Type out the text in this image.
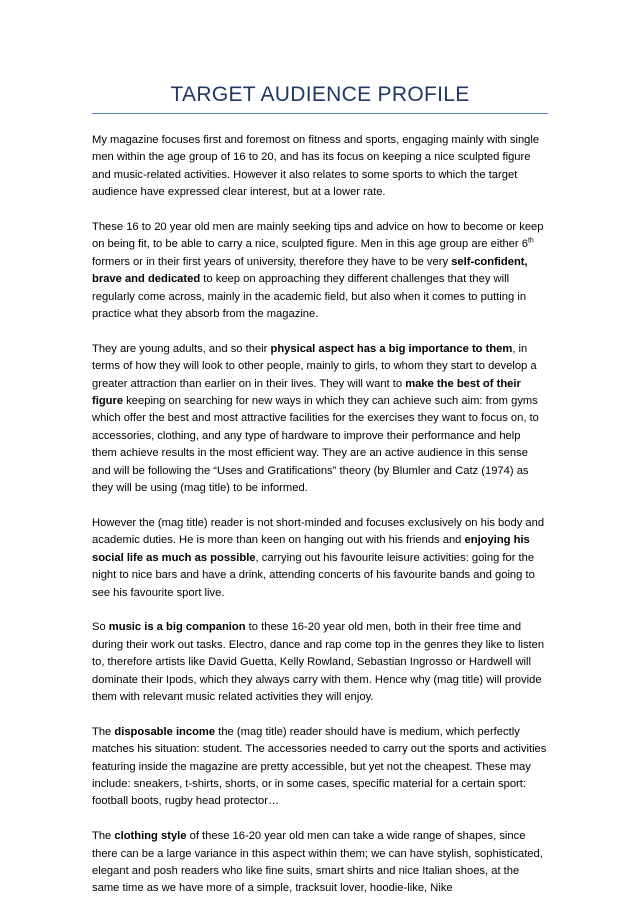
TARGET AUDIENCE PROFILE

My magazine focuses first and foremost on fitness and sports, engaging mainly with single men within the age group of 16 to 20, and has its focus on keeping a nice sculpted figure and music-related activities. However it also relates to some sports to which the target audience have expressed clear interest, but at a lower rate.

These 16 to 20 year old men are mainly seeking tips and advice on how to become or keep on being fit, to be able to carry a nice, sculpted figure. Men in this age group are either 6th formers or in their first years of university, therefore they have to be very self-confident, brave and dedicated to keep on approaching they different challenges that they will regularly come across, mainly in the academic field, but also when it comes to putting in practice what they absorb from the magazine.

They are young adults, and so their physical aspect has a big importance to them, in terms of how they will look to other people, mainly to girls, to whom they start to develop a greater attraction than earlier on in their lives. They will want to make the best of their figure keeping on searching for new ways in which they can achieve such aim: from gyms which offer the best and most attractive facilities for the exercises they want to focus on, to accessories, clothing, and any type of hardware to improve their performance and help them achieve results in the most efficient way. They are an active audience in this sense and will be following the “Uses and Gratifications” theory (by Blumler and Catz (1974) as they will be using (mag title) to be informed.

However the (mag title) reader is not short-minded and focuses exclusively on his body and academic duties. He is more than keen on hanging out with his friends and enjoying his social life as much as possible, carrying out his favourite leisure activities: going for the night to nice bars and have a drink, attending concerts of his favourite bands and going to see his favourite sport live.

So music is a big companion to these 16-20 year old men, both in their free time and during their work out tasks. Electro, dance and rap come top in the genres they like to listen to, therefore artists like David Guetta, Kelly Rowland, Sebastian Ingrosso or Hardwell will dominate their Ipods, which they always carry with them. Hence why (mag title) will provide them with relevant music related activities they will enjoy.

The disposable income the (mag title) reader should have is medium, which perfectly matches his situation: student. The accessories needed to carry out the sports and activities featuring inside the magazine are pretty accessible, but yet not the cheapest. These may include: sneakers, t-shirts, shorts, or in some cases, specific material for a certain sport: football boots, rugby head protector…

The clothing style of these 16-20 year old men can take a wide range of shapes, since there can be a large variance in this aspect within them; we can have stylish, sophisticated, elegant and posh readers who like fine suits, smart shirts and nice Italian shoes, at the same time as we have more of a simple, tracksuit lover, hoodie-like, Nike
